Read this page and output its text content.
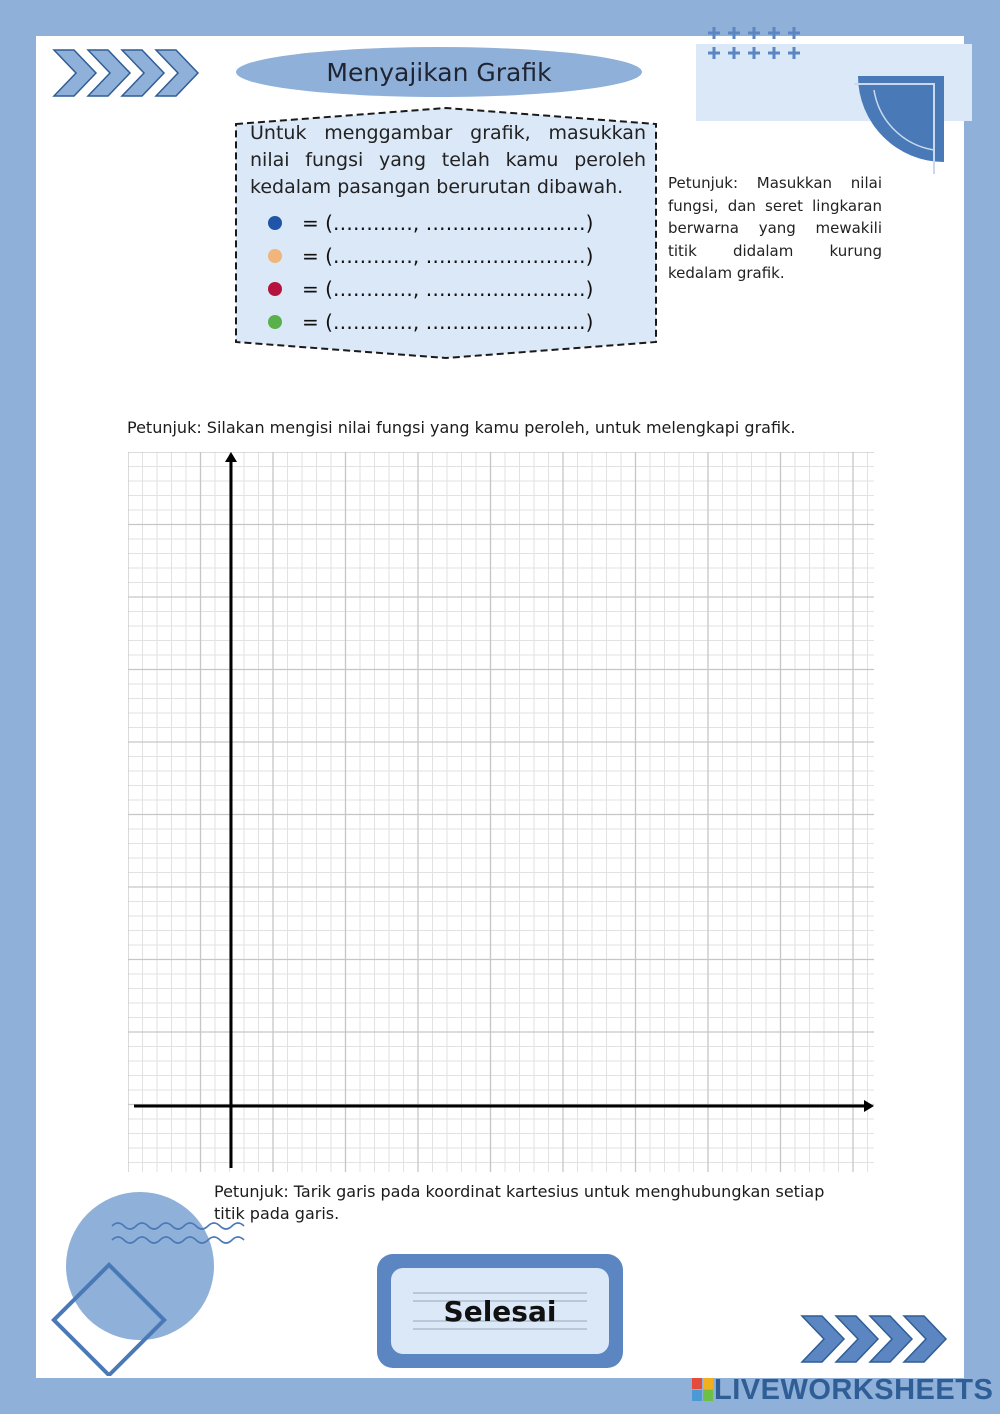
Menyajikan Grafik
Untuk menggambar grafik, masukkan nilai fungsi yang telah kamu peroleh kedalam pasangan berurutan dibawah.
= (…………, ……………………)
= (…………, ……………………)
= (…………, ……………………)
= (…………, ……………………)
Petunjuk: Masukkan nilai fungsi, dan seret lingkaran berwarna yang mewakili titik didalam kurung kedalam grafik.
Petunjuk: Silakan mengisi nilai fungsi yang kamu peroleh, untuk melengkapi grafik.
Petunjuk: Tarik garis pada koordinat kartesius untuk menghubungkan setiap titik pada garis.
Selesai
LIVEWORKSHEETS
